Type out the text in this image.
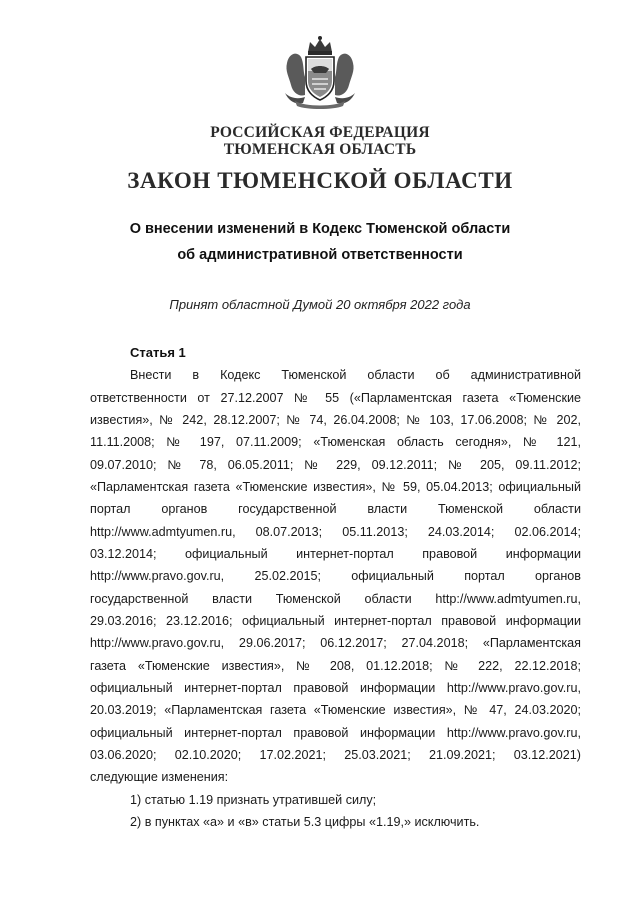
РОССИЙСКАЯ ФЕДЕРАЦИЯ
ТЮМЕНСКАЯ ОБЛАСТЬ
ЗАКОН ТЮМЕНСКОЙ ОБЛАСТИ
О внесении изменений в Кодекс Тюменской области
об административной ответственности
Принят областной Думой 20 октября 2022 года
Статья 1
Внести в Кодекс Тюменской области об административной
ответственности от 27.12.2007 № 55 («Парламентская газета «Тюменские
известия», № 242, 28.12.2007; № 74, 26.04.2008; № 103, 17.06.2008; № 202,
11.11.2008; № 197, 07.11.2009; «Тюменская область сегодня», № 121,
09.07.2010; № 78, 06.05.2011; № 229, 09.12.2011; № 205, 09.11.2012;
«Парламентская газета «Тюменские известия», № 59, 05.04.2013; официальный
портал органов государственной власти Тюменской области
http://www.admtyumen.ru, 08.07.2013; 05.11.2013; 24.03.2014; 02.06.2014;
03.12.2014; официальный интернет-портал правовой информации
http://www.pravo.gov.ru, 25.02.2015; официальный портал органов
государственной власти Тюменской области http://www.admtyumen.ru,
29.03.2016; 23.12.2016; официальный интернет-портал правовой информации
http://www.pravo.gov.ru, 29.06.2017; 06.12.2017; 27.04.2018; «Парламентская
газета «Тюменские известия», № 208, 01.12.2018; № 222, 22.12.2018;
официальный интернет-портал правовой информации http://www.pravo.gov.ru,
20.03.2019; «Парламентская газета «Тюменские известия», № 47, 24.03.2020;
официальный интернет-портал правовой информации http://www.pravo.gov.ru,
03.06.2020; 02.10.2020; 17.02.2021; 25.03.2021; 21.09.2021; 03.12.2021)
следующие изменения:
1) статью 1.19 признать утратившей силу;
2) в пунктах «а» и «в» статьи 5.3 цифры «1.19,» исключить.
